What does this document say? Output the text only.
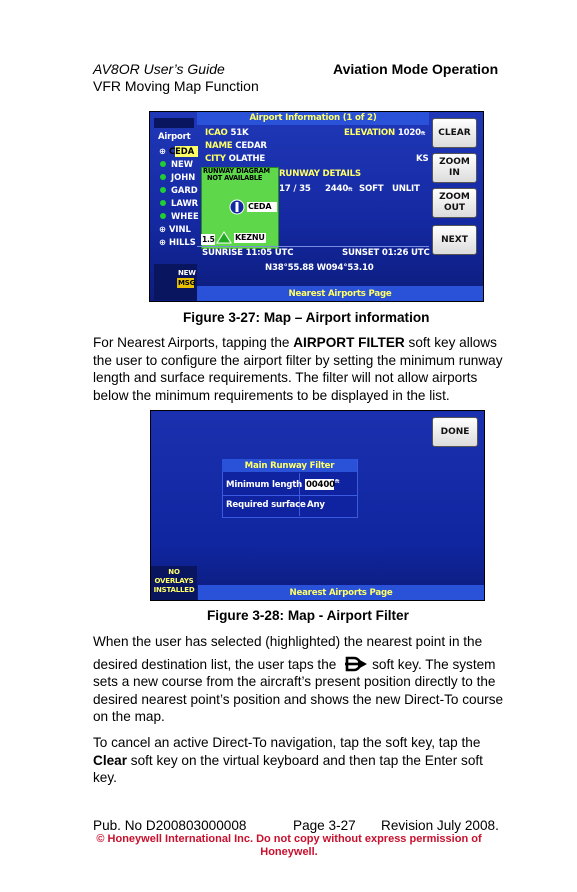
AV8OR User’s Guide	Aviation Mode Operation
VFR Moving Map Function
Airport Information (1 of 2)
Airport
⊕ CEDA
NEW
JOHN
GARD
LAWR
WHEE
⊕ VINL
⊕ HILLS
NEW
MSG
ICAO 51K	ELEVATION 1020ft
NAME CEDAR
CITY OLATHE	KS
RUNWAY DIAGRAM
NOT AVAILABLE
CEDA
1.5	KEZNU
RUNWAY DETAILS
17 / 35 2440ft SOFT UNLIT
SUNRISE 11:05 UTC	SUNSET 01:26 UTC
N38°55.88 W094°53.10
Nearest Airports Page
CLEAR
ZOOM
IN
ZOOM
OUT
NEXT
Figure 3-27: Map – Airport information
For Nearest Airports, tapping the AIRPORT FILTER soft key allows
the user to configure the airport filter by setting the minimum runway
length and surface requirements. The filter will not allow airports
below the minimum requirements to be displayed in the list.
DONE
Main Runway Filter
Minimum length 00400 ft
Required surface Any
NO
OVERLAYS
INSTALLED	Nearest Airports Page
Figure 3-28: Map - Airport Filter
When the user has selected (highlighted) the nearest point in the
desired destination list, the user taps the	soft key. The system
sets a new course from the aircraft’s present position directly to the
desired nearest point’s position and shows the new Direct-To course
on the map.
To cancel an active Direct-To navigation, tap the soft key, tap the
Clear soft key on the virtual keyboard and then tap the Enter soft
key.
Pub. No D200803000008	Page 3-27 Revision July 2008.
© Honeywell International Inc. Do not copy without express permission of
Honeywell.
